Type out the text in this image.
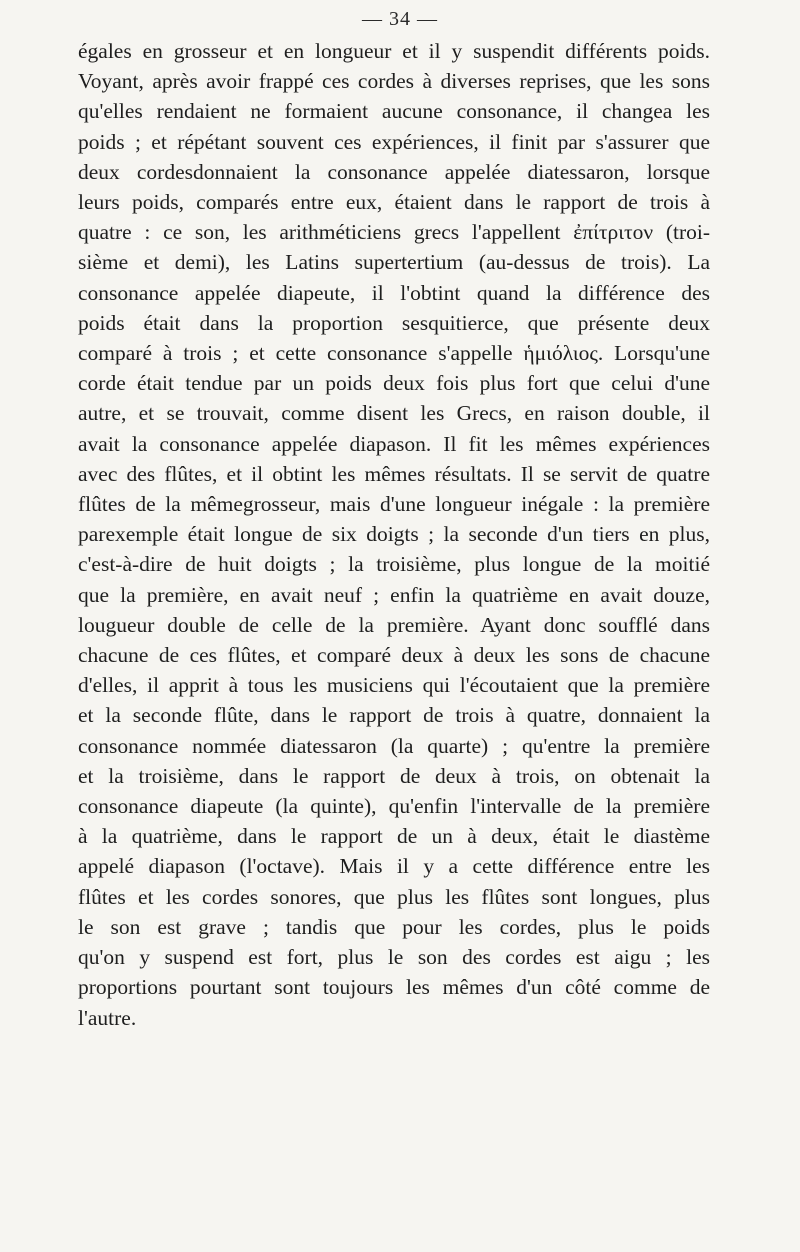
— 34 —
égales en grosseur et en longueur et il y suspendit différents poids.
Voyant, après avoir frappé ces cordes à diverses reprises, que les sons
qu'elles rendaient ne formaient aucune consonance, il changea les
poids ; et répétant souvent ces expériences, il finit par s'assurer que
deux cordesdonnaient la consonance appelée diatessaron, lorsque
leurs poids, comparés entre eux, étaient dans le rapport de trois à
quatre : ce son, les arithméticiens grecs l'appellent ἐπίτριτον (troi-
sième et demi), les Latins supertertium (au-dessus de trois). La
consonance appelée diapeute, il l'obtint quand la différence des
poids était dans la proportion sesquitierce, que présente deux
comparé à trois ; et cette consonance s'appelle ἡμιόλιος. Lorsqu'une
corde était tendue par un poids deux fois plus fort que celui d'une
autre, et se trouvait, comme disent les Grecs, en raison double, il
avait la consonance appelée diapason. Il fit les mêmes expériences
avec des flûtes, et il obtint les mêmes résultats. Il se servit de quatre
flûtes de la mêmegrosseur, mais d'une longueur inégale : la première
parexemple était longue de six doigts ; la seconde d'un tiers en plus,
c'est-à-dire de huit doigts ; la troisième, plus longue de la moitié
que la première, en avait neuf ; enfin la quatrième en avait douze,
lougueur double de celle de la première. Ayant donc soufflé dans
chacune de ces flûtes, et comparé deux à deux les sons de chacune
d'elles, il apprit à tous les musiciens qui l'écoutaient que la première
et la seconde flûte, dans le rapport de trois à quatre, donnaient la
consonance nommée diatessaron (la quarte) ; qu'entre la première
et la troisième, dans le rapport de deux à trois, on obtenait la
consonance diapeute (la quinte), qu'enfin l'intervalle de la première
à la quatrième, dans le rapport de un à deux, était le diastème
appelé diapason (l'octave). Mais il y a cette différence entre les
flûtes et les cordes sonores, que plus les flûtes sont longues, plus
le son est grave ; tandis que pour les cordes, plus le poids
qu'on y suspend est fort, plus le son des cordes est aigu ; les
proportions pourtant sont toujours les mêmes d'un côté comme de
l'autre.
